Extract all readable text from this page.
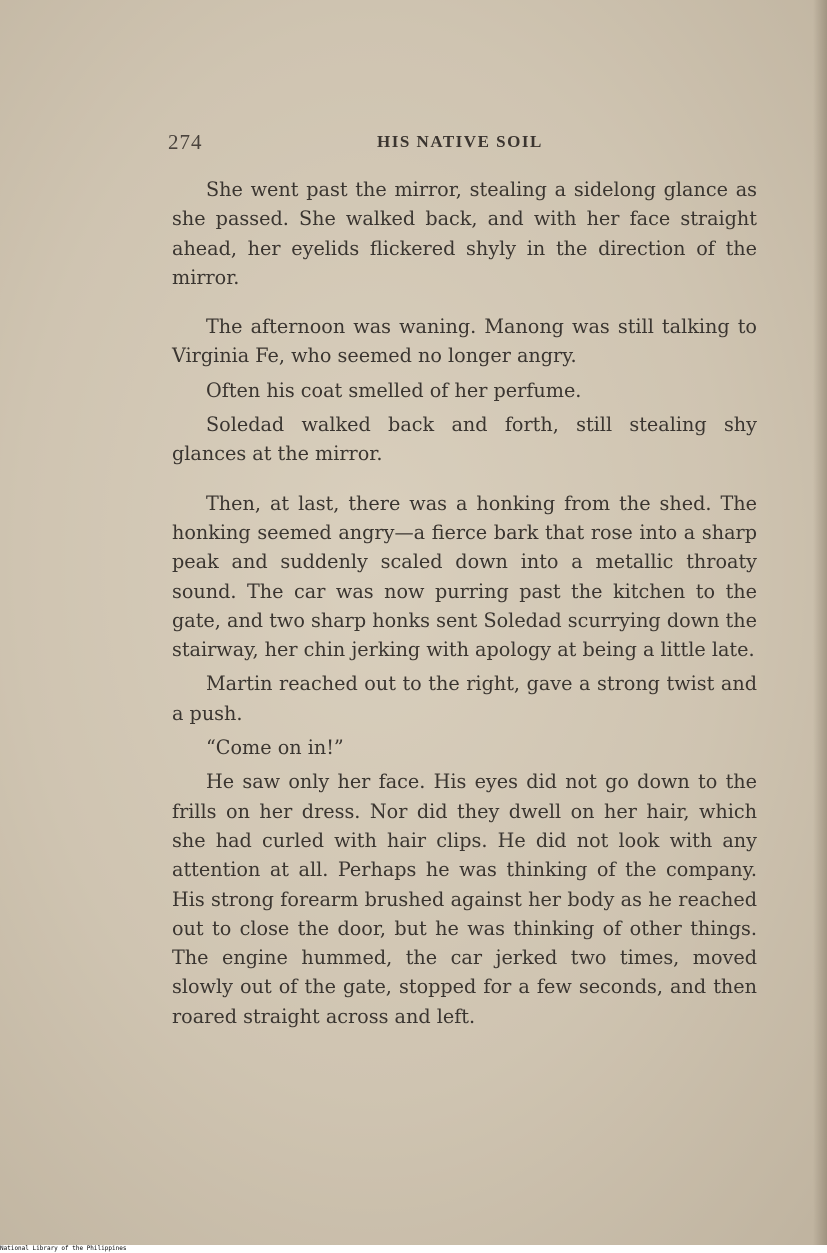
274	HIS NATIVE SOIL

She went past the mirror, stealing a sidelong glance as she passed. She walked back, and with her face straight ahead, her eyelids flickered shyly in the direction of the mirror.

The afternoon was waning. Manong was still talking to Virginia Fe, who seemed no longer angry.

Often his coat smelled of her perfume.

Soledad walked back and forth, still stealing shy glances at the mirror.

Then, at last, there was a honking from the shed. The honking seemed angry—a fierce bark that rose into a sharp peak and suddenly scaled down into a metallic throaty sound. The car was now purring past the kitchen to the gate, and two sharp honks sent Soledad scurrying down the stairway, her chin jerking with apology at being a little late.

Martin reached out to the right, gave a strong twist and a push.

“Come on in!”

He saw only her face. His eyes did not go down to the frills on her dress. Nor did they dwell on her hair, which she had curled with hair clips. He did not look with any attention at all. Perhaps he was thinking of the company. His strong forearm brushed against her body as he reached out to close the door, but he was thinking of other things. The engine hummed, the car jerked two times, moved slowly out of the gate, stopped for a few seconds, and then roared straight across and left.

National Library of the Philippines
